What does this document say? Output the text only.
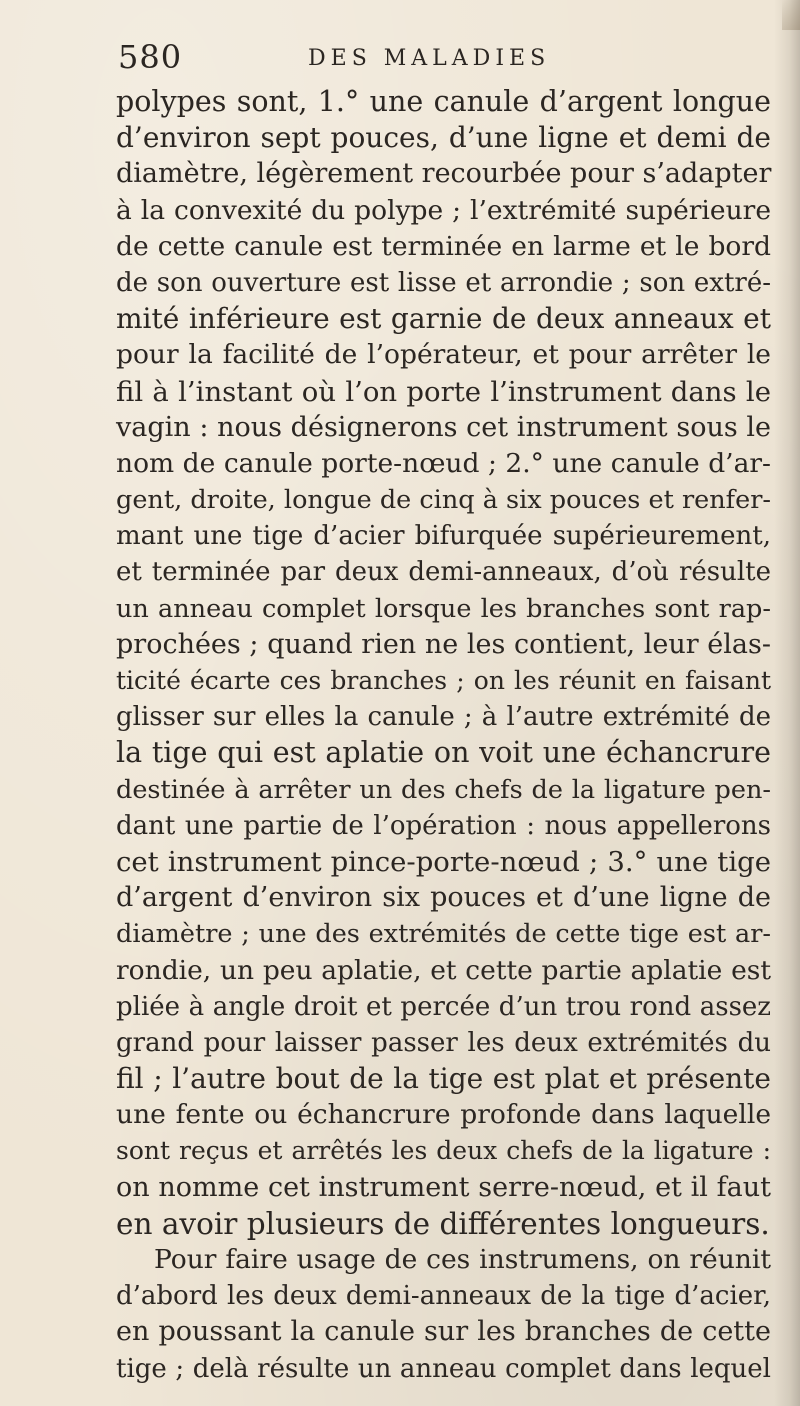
580	DES MALADIES
polypes sont, 1.° une canule d’argent longue
d’environ sept pouces, d’une ligne et demi de
diamètre, légèrement recourbée pour s’adapter
à la convexité du polype ; l’extrémité supérieure
de cette canule est terminée en larme et le bord
de son ouverture est lisse et arrondie ; son extré-
mité inférieure est garnie de deux anneaux et
pour la facilité de l’opérateur, et pour arrêter le
fil à l’instant où l’on porte l’instrument dans le
vagin : nous désignerons cet instrument sous le
nom de canule porte-nœud ; 2.° une canule d’ar-
gent, droite, longue de cinq à six pouces et renfer-
mant une tige d’acier bifurquée supérieurement,
et terminée par deux demi-anneaux, d’où résulte
un anneau complet lorsque les branches sont rap-
prochées ; quand rien ne les contient, leur élas-
ticité écarte ces branches ; on les réunit en faisant
glisser sur elles la canule ; à l’autre extrémité de
la tige qui est aplatie on voit une échancrure
destinée à arrêter un des chefs de la ligature pen-
dant une partie de l’opération : nous appellerons
cet instrument pince-porte-nœud ; 3.° une tige
d’argent d’environ six pouces et d’une ligne de
diamètre ; une des extrémités de cette tige est ar-
rondie, un peu aplatie, et cette partie aplatie est
pliée à angle droit et percée d’un trou rond assez
grand pour laisser passer les deux extrémités du
fil ; l’autre bout de la tige est plat et présente
une fente ou échancrure profonde dans laquelle
sont reçus et arrêtés les deux chefs de la ligature :
on nomme cet instrument serre-nœud, et il faut
en avoir plusieurs de différentes longueurs.
Pour faire usage de ces instrumens, on réunit
d’abord les deux demi-anneaux de la tige d’acier,
en poussant la canule sur les branches de cette
tige ; delà résulte un anneau complet dans lequel
